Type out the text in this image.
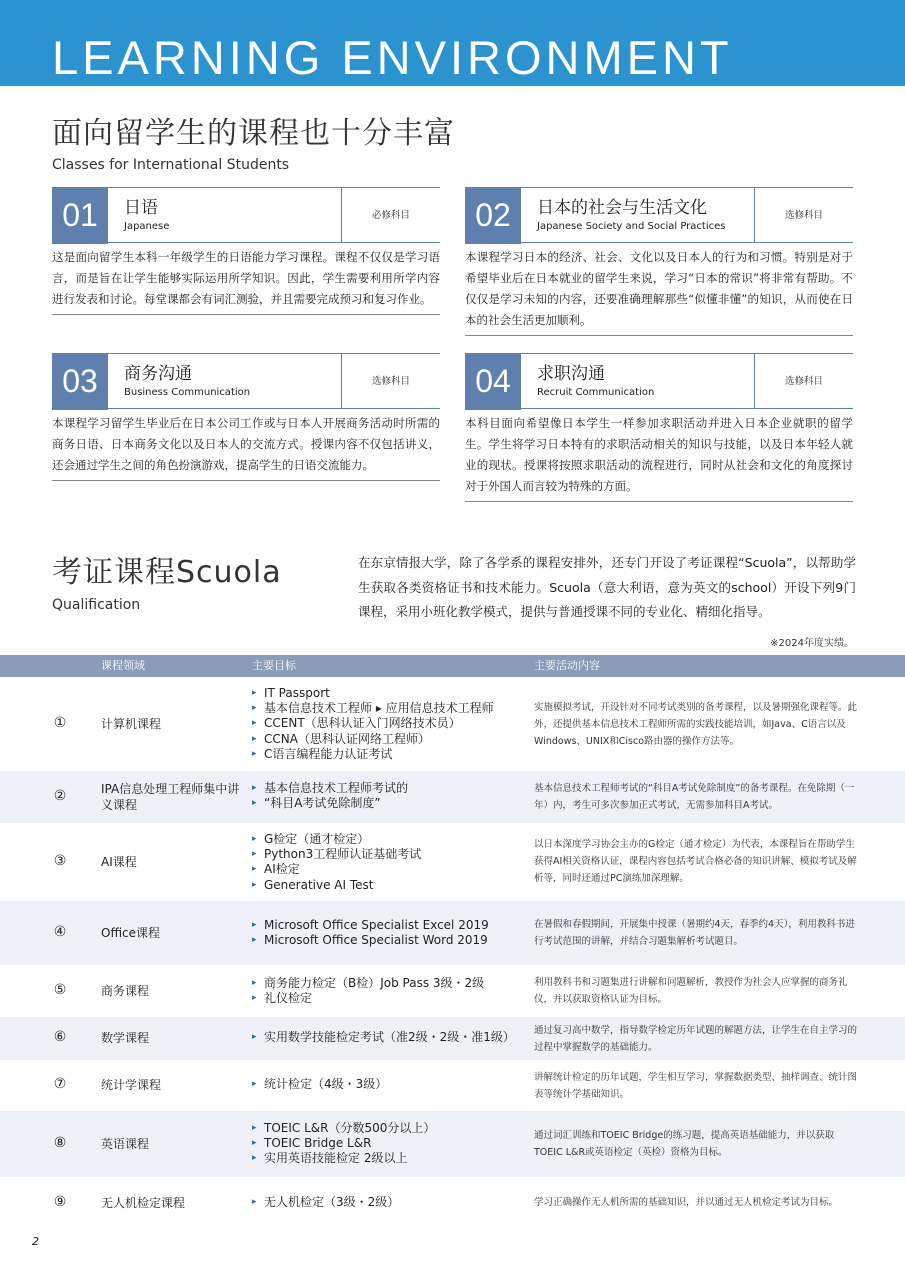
LEARNING ENVIRONMENT
面向留学生的课程也十分丰富
Classes for International Students
01	日语
Japanese
必修科目
这是面向留学生本科一年级学生的日语能力学习课程。课程不仅仅是学习语言，而是旨在让学生能够实际运用所学知识。因此，学生需要利用所学内容进行发表和讨论。每堂课都会有词汇测验，并且需要完成预习和复习作业。
02	日本的社会与生活文化
Japanese Society and Social Practices
选修科目
本课程学习日本的经济、社会、文化以及日本人的行为和习惯。特别是对于希望毕业后在日本就业的留学生来说，学习“日本的常识”将非常有帮助。不仅仅是学习未知的内容，还要准确理解那些“似懂非懂”的知识，从而使在日本的社会生活更加顺利。
03	商务沟通
Business Communication
选修科目
本课程学习留学生毕业后在日本公司工作或与日本人开展商务活动时所需的商务日语、日本商务文化以及日本人的交流方式。授课内容不仅包括讲义，还会通过学生之间的角色扮演游戏，提高学生的日语交流能力。
04	求职沟通
Recruit Communication
选修科目
本科目面向希望像日本学生一样参加求职活动并进入日本企业就职的留学生。学生将学习日本特有的求职活动相关的知识与技能，以及日本年轻人就业的现状。授课将按照求职活动的流程进行，同时从社会和文化的角度探讨对于外国人而言较为特殊的方面。
考证课程Scuola
Qualification
在东京情报大学，除了各学系的课程安排外，还专门开设了考证课程“Scuola”，以帮助学生获取各类资格证书和技术能力。Scuola（意大利语，意为英文的school）开设下列9门课程，采用小班化教学模式，提供与普通授课不同的专业化、精细化指导。
※2024年度实绩。
课程领域	主要目标	主要活动内容
①	计算机课程
▸ IT Passport
▸ 基本信息技术工程师 ▸ 应用信息技术工程师
▸ CCENT（思科认证入门网络技术员）
▸ CCNA（思科认证网络工程师）
▸ C语言编程能力认证考试
实施模拟考试，开设针对不同考试类别的备考课程，以及暑期强化课程等。此外，还提供基本信息技术工程师所需的实践技能培训，如Java、C语言以及Windows、UNIX和Cisco路由器的操作方法等。
②	IPA信息处理工程师集中讲义课程
▸ 基本信息技术工程师考试的
▸ “科目A考试免除制度”
基本信息技术工程师考试的“科目A考试免除制度”的备考课程。在免除期（一年）内，考生可多次参加正式考试，无需参加科目A考试。
③	AI课程
▸ G检定（通才检定）
▸ Python3工程师认证基础考试
▸ AI检定
▸ Generative AI Test
以日本深度学习协会主办的G检定（通才检定）为代表，本课程旨在帮助学生获得AI相关资格认证，课程内容包括考试合格必备的知识讲解、模拟考试及解析等，同时还通过PC演练加深理解。
④	Office课程
▸ Microsoft Office Specialist Excel 2019
▸ Microsoft Office Specialist Word 2019
在暑假和春假期间，开展集中授课（暑期约4天，春季约4天），利用教科书进行考试范围的讲解，并结合习题集解析考试题目。
⑤	商务课程
▸ 商务能力检定（B检）Job Pass 3级・2级
▸ 礼仪检定
利用教科书和习题集进行讲解和问题解析，教授作为社会人应掌握的商务礼仪，并以获取资格认证为目标。
⑥	数学课程	▸ 实用数学技能检定考试（准2级・2级・准1级）	通过复习高中数学，指导数学检定历年试题的解题方法，让学生在自主学习的过程中掌握数学的基础能力。
⑦	统计学课程	▸ 统计检定（4级・3级）	讲解统计检定的历年试题，学生相互学习，掌握数据类型、抽样调查、统计图表等统计学基础知识。
⑧	英语课程
▸ TOEIC L&R（分数500分以上）
▸ TOEIC Bridge L&R
▸ 实用英语技能检定 2级以上
通过词汇训练和TOEIC Bridge的练习题，提高英语基础能力，并以获取TOEIC L&R或英语检定（英检）资格为目标。
⑨	无人机检定课程	▸ 无人机检定（3级・2级）	学习正确操作无人机所需的基础知识，并以通过无人机检定考试为目标。
2
